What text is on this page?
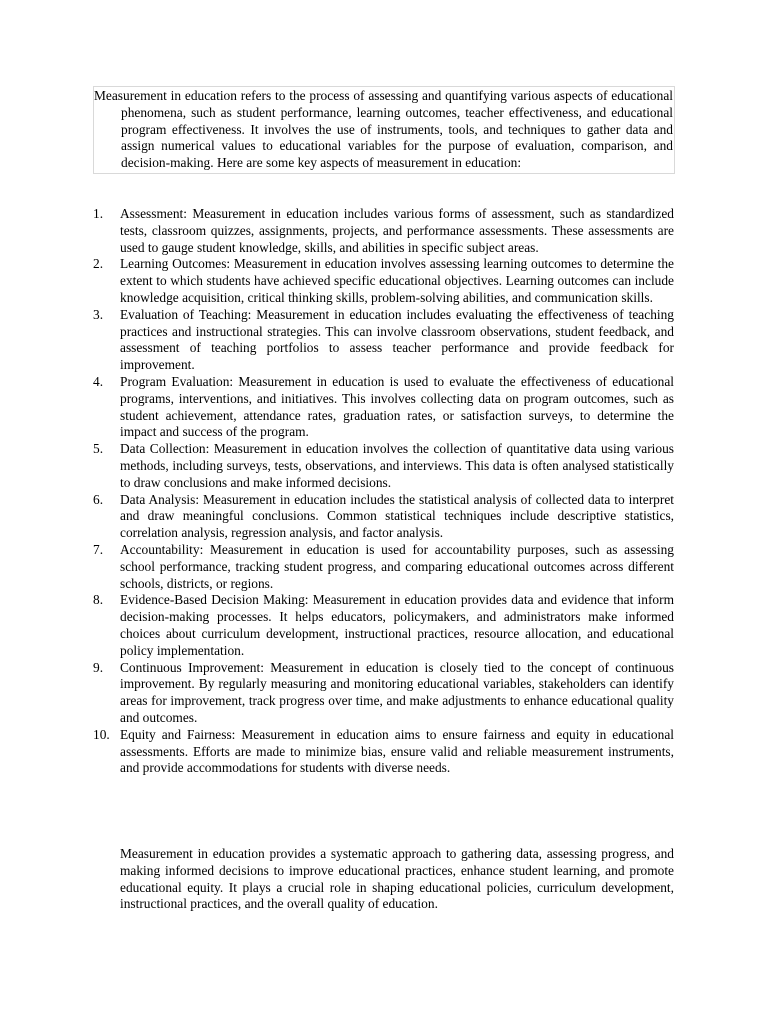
Measurement in education refers to the process of assessing and quantifying various aspects of educational phenomena, such as student performance, learning outcomes, teacher effectiveness, and educational program effectiveness. It involves the use of instruments, tools, and techniques to gather data and assign numerical values to educational variables for the purpose of evaluation, comparison, and decision-making. Here are some key aspects of measurement in education:

1.	Assessment: Measurement in education includes various forms of assessment, such as standardized tests, classroom quizzes, assignments, projects, and performance assessments. These assessments are used to gauge student knowledge, skills, and abilities in specific subject areas.
2.	Learning Outcomes: Measurement in education involves assessing learning outcomes to determine the extent to which students have achieved specific educational objectives. Learning outcomes can include knowledge acquisition, critical thinking skills, problem-solving abilities, and communication skills.
3.	Evaluation of Teaching: Measurement in education includes evaluating the effectiveness of teaching practices and instructional strategies. This can involve classroom observations, student feedback, and assessment of teaching portfolios to assess teacher performance and provide feedback for improvement.
4.	Program Evaluation: Measurement in education is used to evaluate the effectiveness of educational programs, interventions, and initiatives. This involves collecting data on program outcomes, such as student achievement, attendance rates, graduation rates, or satisfaction surveys, to determine the impact and success of the program.
5.	Data Collection: Measurement in education involves the collection of quantitative data using various methods, including surveys, tests, observations, and interviews. This data is often analysed statistically to draw conclusions and make informed decisions.
6.	Data Analysis: Measurement in education includes the statistical analysis of collected data to interpret and draw meaningful conclusions. Common statistical techniques include descriptive statistics, correlation analysis, regression analysis, and factor analysis.
7.	Accountability: Measurement in education is used for accountability purposes, such as assessing school performance, tracking student progress, and comparing educational outcomes across different schools, districts, or regions.
8.	Evidence-Based Decision Making: Measurement in education provides data and evidence that inform decision-making processes. It helps educators, policymakers, and administrators make informed choices about curriculum development, instructional practices, resource allocation, and educational policy implementation.
9.	Continuous Improvement: Measurement in education is closely tied to the concept of continuous improvement. By regularly measuring and monitoring educational variables, stakeholders can identify areas for improvement, track progress over time, and make adjustments to enhance educational quality and outcomes.
10. Equity and Fairness: Measurement in education aims to ensure fairness and equity in educational assessments. Efforts are made to minimize bias, ensure valid and reliable measurement instruments, and provide accommodations for students with diverse needs.

Measurement in education provides a systematic approach to gathering data, assessing progress, and making informed decisions to improve educational practices, enhance student learning, and promote educational equity. It plays a crucial role in shaping educational policies, curriculum development, instructional practices, and the overall quality of education.
